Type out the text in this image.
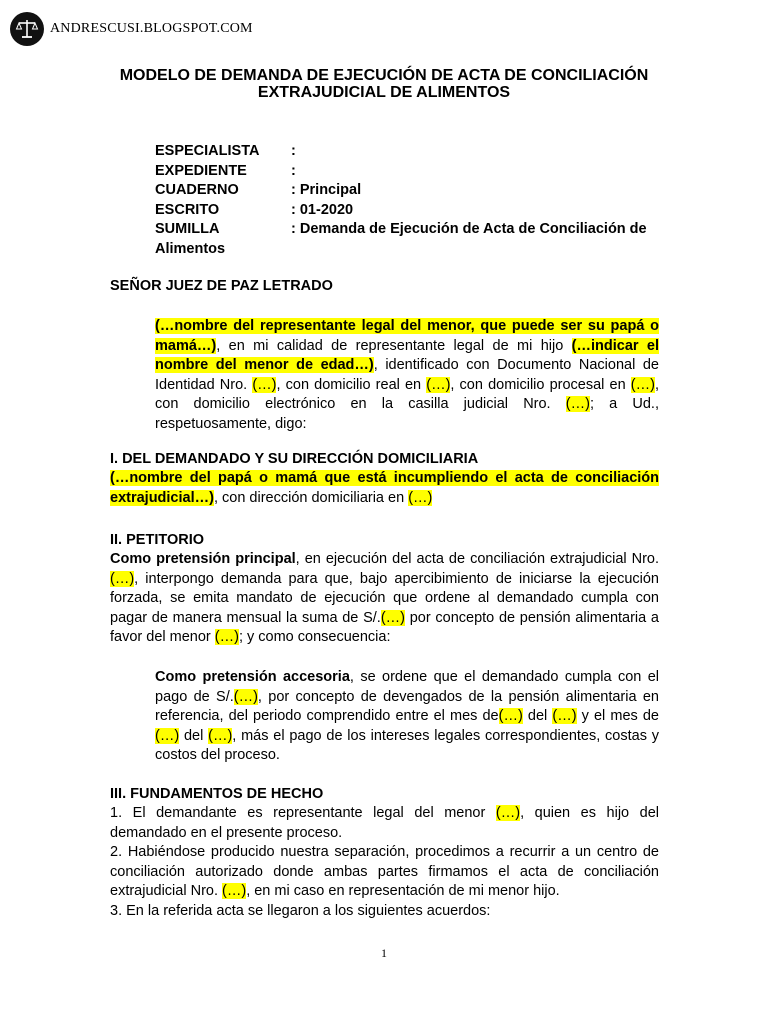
ANDRESCUSI.BLOGSPOT.COM
MODELO DE DEMANDA DE EJECUCIÓN DE ACTA DE CONCILIACIÓN
EXTRAJUDICIAL DE ALIMENTOS
ESPECIALISTA	:
EXPEDIENTE	:
CUADERNO	: Principal
ESCRITO	: 01-2020
SUMILLA	: Demanda de Ejecución de Acta de Conciliación de
Alimentos
SEÑOR JUEZ DE PAZ LETRADO
(…nombre del representante legal del menor, que puede ser su papá o mamá…), en mi calidad de representante legal de mi hijo (…indicar el nombre del menor de edad…), identificado con Documento Nacional de Identidad Nro. (…), con domicilio real en (…), con domicilio procesal en (…), con domicilio electrónico en la casilla judicial Nro. (…); a Ud., respetuosamente, digo:
I. DEL DEMANDADO Y SU DIRECCIÓN DOMICILIARIA
(…nombre del papá o mamá que está incumpliendo el acta de conciliación extrajudicial…), con dirección domiciliaria en (…)
II. PETITORIO
Como pretensión principal, en ejecución del acta de conciliación extrajudicial Nro. (…), interpongo demanda para que, bajo apercibimiento de iniciarse la ejecución forzada, se emita mandato de ejecución que ordene al demandado cumpla con pagar de manera mensual la suma de S/.(…) por concepto de pensión alimentaria a favor del menor (…); y como consecuencia:
Como pretensión accesoria, se ordene que el demandado cumpla con el pago de S/.(…), por concepto de devengados de la pensión alimentaria en referencia, del periodo comprendido entre el mes de(…) del (…) y el mes de (…) del (…), más el pago de los intereses legales correspondientes, costas y costos del proceso.
III. FUNDAMENTOS DE HECHO
1. El demandante es representante legal del menor (…), quien es hijo del demandado en el presente proceso.
2. Habiéndose producido nuestra separación, procedimos a recurrir a un centro de conciliación autorizado donde ambas partes firmamos el acta de conciliación extrajudicial Nro. (…), en mi caso en representación de mi menor hijo.
3. En la referida acta se llegaron a los siguientes acuerdos:
1
